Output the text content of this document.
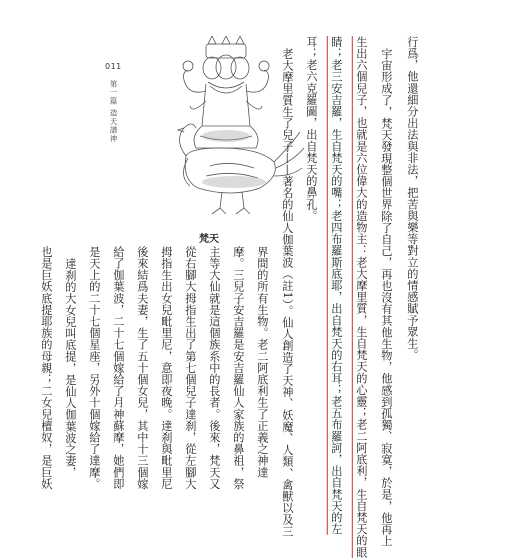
011
第一篇 造天譜神
梵天	行爲，他還細分出法與非法，把苦與樂等對立的情感賦予眾生。
宇宙形成了，梵天發現整個世界除了自己，再也沒有其他生物，他感到孤獨、寂寞，於是，他再上
生出六個兒子，也就是六位偉大的造物主：老大摩里質，生自梵天的心靈；老二阿底利，生自梵天的眼
睛；老三安吉羅，生自梵天的嘴；老四布羅斯底耶，出自梵天的右耳；老五布羅訶，出自梵天的左
耳；老六克羅圖，出自梵天的鼻孔。
老大摩里質生了兒子——著名的仙人伽葉波（註1）。仙人創造了天神、妖魔、人類、禽獸以及三
界間的所有生物。老二阿底利生了正義之神達
摩。三兒子安吉羅是安吉羅仙人家族的鼻祖，祭
主等大仙就是這個族系中的長者。後來，梵天又
從右腳大拇指生出了第七個兒子達刹，從左腳大
拇指生出女兒毗里尼，意即夜晚。達刹與毗里尼
後來結爲夫妻，生了五十個女兒，其中十三個嫁
給了伽葉波，二十七個嫁給了月神蘇摩，她們即
是天上的二十七個星座，另外十個嫁給了達摩。
達刹的大女兒叫底提，是仙人伽葉波之妻，
也是巨妖底提耶族的母親；二女兒檀奴，是巨妖
